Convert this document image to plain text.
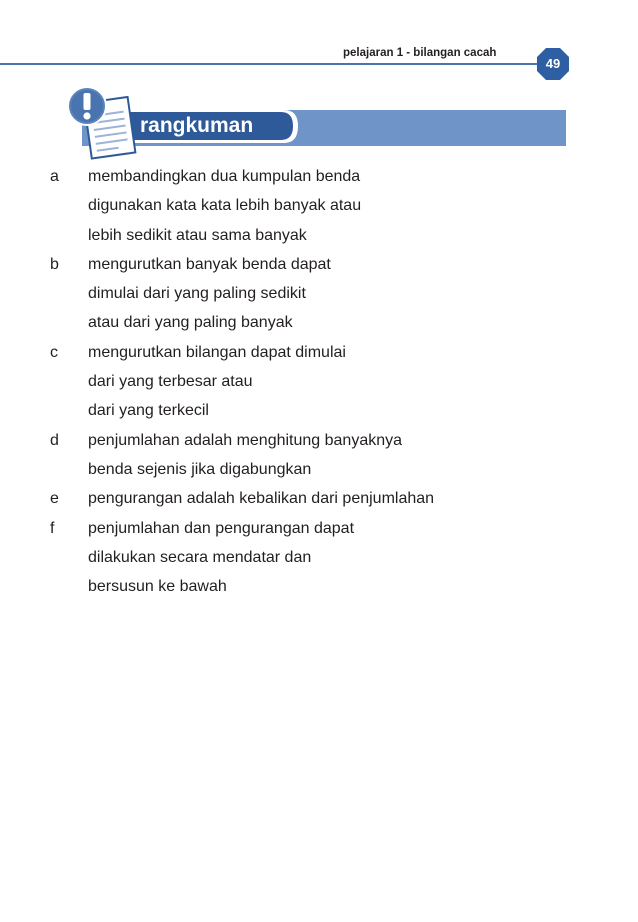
pelajaran 1 - bilangan cacah
49
rangkuman
a membandingkan dua kumpulan benda
digunakan kata kata lebih banyak atau
lebih sedikit atau sama banyak
b mengurutkan banyak benda dapat
dimulai dari yang paling sedikit
atau dari yang paling banyak
c mengurutkan bilangan dapat dimulai
dari yang terbesar atau
dari yang terkecil
d penjumlahan adalah menghitung banyaknya
benda sejenis jika digabungkan
e pengurangan adalah kebalikan dari penjumlahan
f penjumlahan dan pengurangan dapat
dilakukan secara mendatar dan
bersusun ke bawah
